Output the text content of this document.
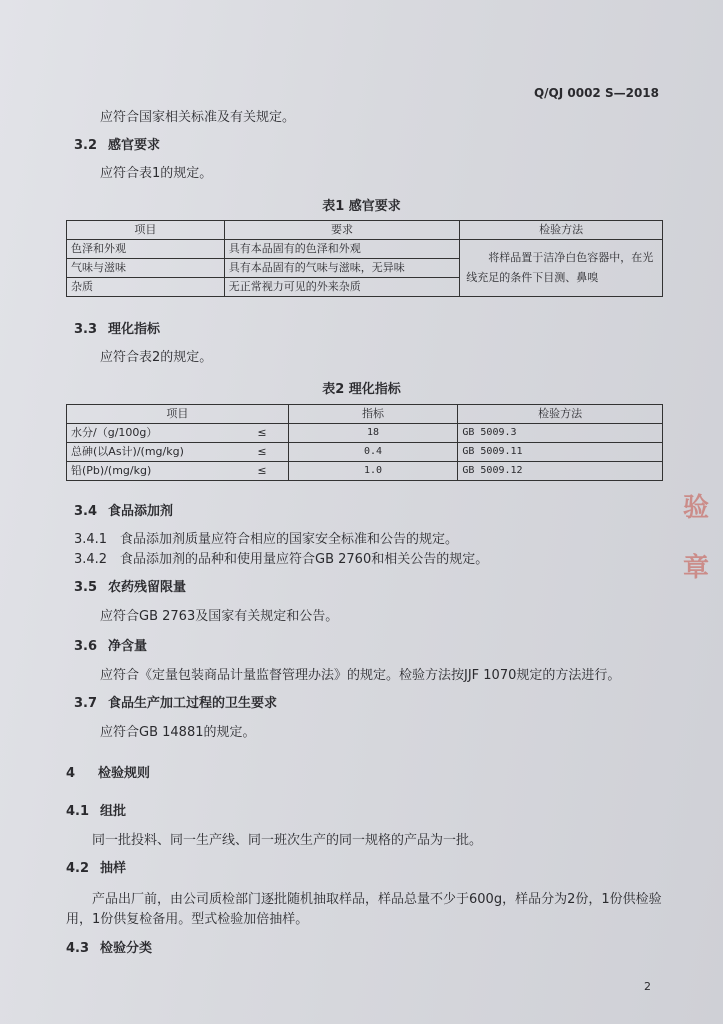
Q/QJ 0002 S—2018
应符合国家相关标准及有关规定。
3.2 感官要求
应符合表1的规定。
表1 感官要求
项目	要求	检验方法
色泽和外观	具有本品固有的色泽和外观	将样品置于洁净白色容器中，在光线充足的条件下目测、鼻嗅
气味与滋味	具有本品固有的气味与滋味，无异味	
杂质	无正常视力可见的外来杂质	
3.3 理化指标
应符合表2的规定。
表2 理化指标
项目		指标	检验方法
水分/（g/100g）	≤	18	GB 5009.3
总砷(以As计)/(mg/kg)	≤	0.4	GB 5009.11
铅(Pb)/(mg/kg)	≤	1.0	GB 5009.12
3.4 食品添加剂
3.4.1 食品添加剂质量应符合相应的国家安全标准和公告的规定。
3.4.2 食品添加剂的品种和使用量应符合GB 2760和相关公告的规定。
3.5 农药残留限量
应符合GB 2763及国家有关规定和公告。
3.6 净含量
应符合《定量包装商品计量监督管理办法》的规定。检验方法按JJF 1070规定的方法进行。
3.7 食品生产加工过程的卫生要求
应符合GB 14881的规定。
4 检验规则
4.1 组批
同一批投料、同一生产线、同一班次生产的同一规格的产品为一批。
4.2 抽样
产品出厂前，由公司质检部门逐批随机抽取样品，样品总量不少于600g，样品分为2份，1份供检验
用，1份供复检备用。型式检验加倍抽样。
4.3 检验分类
验 章
2
